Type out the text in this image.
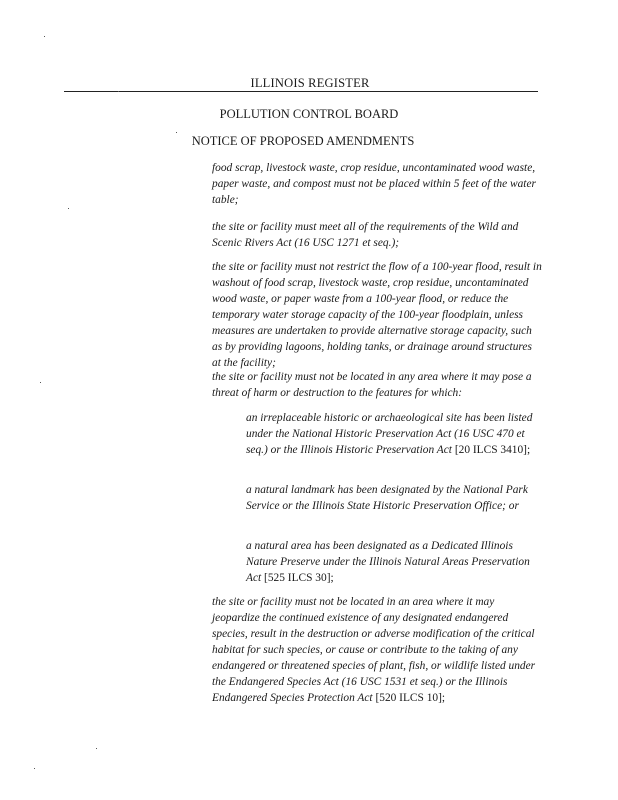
ILLINOIS REGISTER
POLLUTION CONTROL BOARD
NOTICE OF PROPOSED AMENDMENTS

food scrap, livestock waste, crop residue, uncontaminated wood waste, paper waste, and compost must not be placed within 5 feet of the water table;

the site or facility must meet all of the requirements of the Wild and Scenic Rivers Act (16 USC 1271 et seq.);

the site or facility must not restrict the flow of a 100-year flood, result in washout of food scrap, livestock waste, crop residue, uncontaminated wood waste, or paper waste from a 100-year flood, or reduce the temporary water storage capacity of the 100-year floodplain, unless measures are undertaken to provide alternative storage capacity, such as by providing lagoons, holding tanks, or drainage around structures at the facility;

the site or facility must not be located in any area where it may pose a threat of harm or destruction to the features for which:

an irreplaceable historic or archaeological site has been listed under the National Historic Preservation Act (16 USC 470 et seq.) or the Illinois Historic Preservation Act [20 ILCS 3410];

a natural landmark has been designated by the National Park Service or the Illinois State Historic Preservation Office; or

a natural area has been designated as a Dedicated Illinois Nature Preserve under the Illinois Natural Areas Preservation Act [525 ILCS 30];

the site or facility must not be located in an area where it may jeopardize the continued existence of any designated endangered species, result in the destruction or adverse modification of the critical habitat for such species, or cause or contribute to the taking of any endangered or threatened species of plant, fish, or wildlife listed under the Endangered Species Act (16 USC 1531 et seq.) or the Illinois Endangered Species Protection Act [520 ILCS 10];
